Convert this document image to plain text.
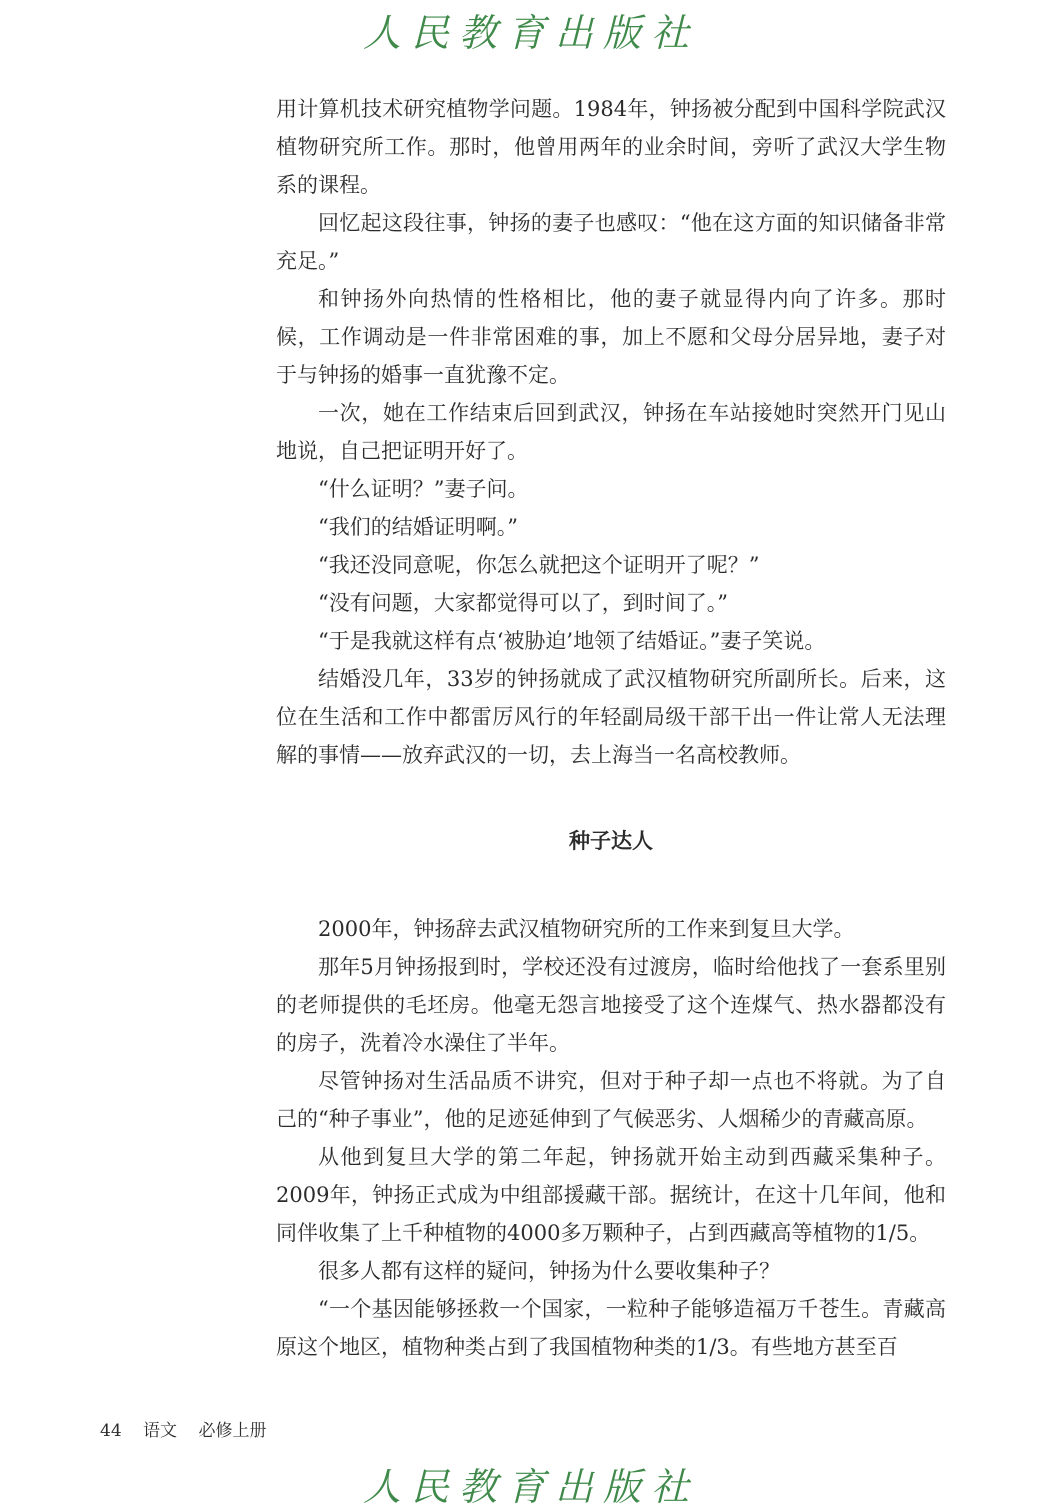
人民教育出版社

用计算机技术研究植物学问题。1984年，钟扬被分配到中国科学院武汉植物研究所工作。那时，他曾用两年的业余时间，旁听了武汉大学生物系的课程。

回忆起这段往事，钟扬的妻子也感叹：“他在这方面的知识储备非常充足。”

和钟扬外向热情的性格相比，他的妻子就显得内向了许多。那时候，工作调动是一件非常困难的事，加上不愿和父母分居异地，妻子对于与钟扬的婚事一直犹豫不定。

一次，她在工作结束后回到武汉，钟扬在车站接她时突然开门见山地说，自己把证明开好了。

“什么证明？”妻子问。

“我们的结婚证明啊。”

“我还没同意呢，你怎么就把这个证明开了呢？”

“没有问题，大家都觉得可以了，到时间了。”

“于是我就这样有点‘被胁迫’地领了结婚证。”妻子笑说。

结婚没几年，33岁的钟扬就成了武汉植物研究所副所长。后来，这位在生活和工作中都雷厉风行的年轻副局级干部干出一件让常人无法理解的事情——放弃武汉的一切，去上海当一名高校教师。

种子达人

2000年，钟扬辞去武汉植物研究所的工作来到复旦大学。

那年5月钟扬报到时，学校还没有过渡房，临时给他找了一套系里别的老师提供的毛坯房。他毫无怨言地接受了这个连煤气、热水器都没有的房子，洗着冷水澡住了半年。

尽管钟扬对生活品质不讲究，但对于种子却一点也不将就。为了自己的“种子事业”，他的足迹延伸到了气候恶劣、人烟稀少的青藏高原。

从他到复旦大学的第二年起，钟扬就开始主动到西藏采集种子。2009年，钟扬正式成为中组部援藏干部。据统计，在这十几年间，他和同伴收集了上千种植物的4000多万颗种子，占到西藏高等植物的1/5。

很多人都有这样的疑问，钟扬为什么要收集种子？

“一个基因能够拯救一个国家，一粒种子能够造福万千苍生。青藏高原这个地区，植物种类占到了我国植物种类的1/3。有些地方甚至百

44 语文 必修上册
人民教育出版社
